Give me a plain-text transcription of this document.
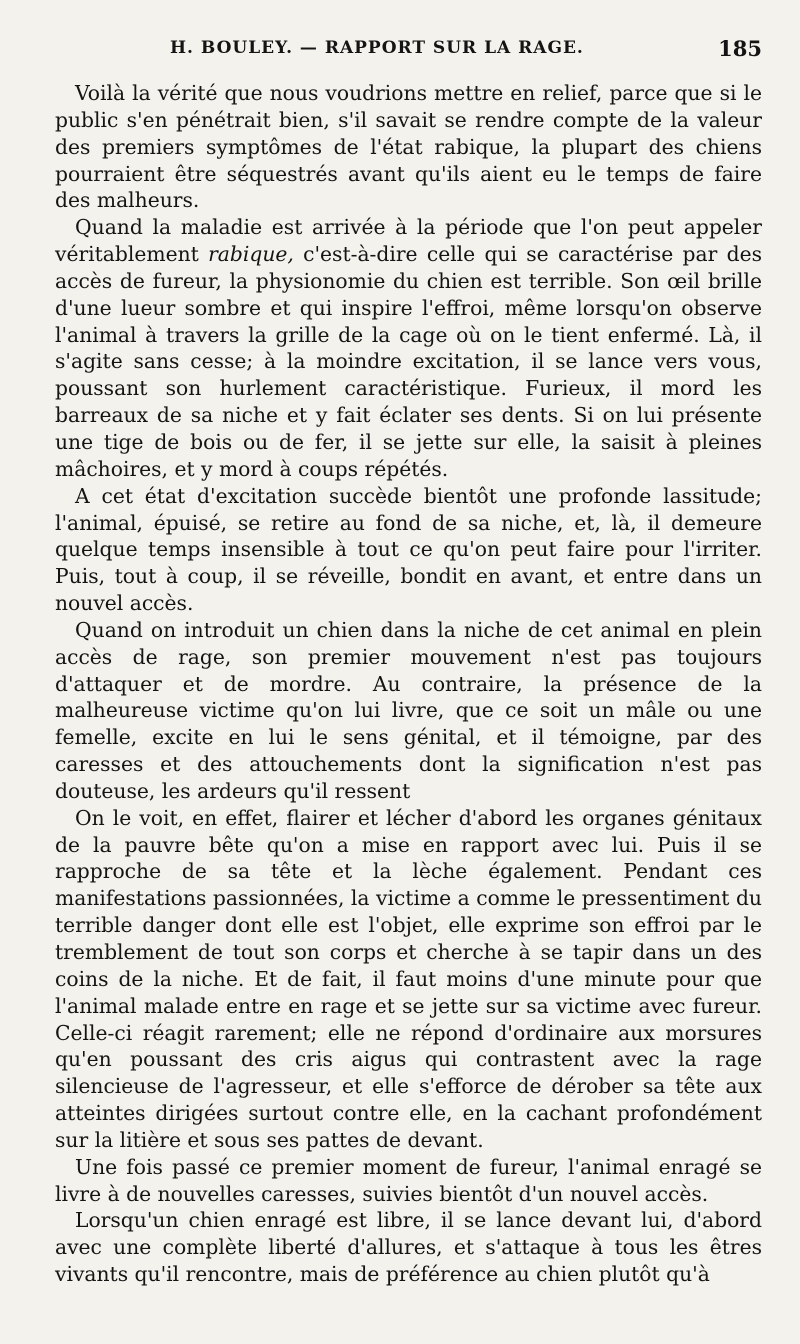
H. BOULEY. — RAPPORT SUR LA RAGE.	185

Voilà la vérité que nous voudrions mettre en relief, parce que si le public s'en pénétrait bien, s'il savait se rendre compte de la valeur des premiers symptômes de l'état rabique, la plupart des chiens pourraient être séquestrés avant qu'ils aient eu le temps de faire des malheurs.

Quand la maladie est arrivée à la période que l'on peut appeler véritablement rabique, c'est-à-dire celle qui se caractérise par des accès de fureur, la physionomie du chien est terrible. Son œil brille d'une lueur sombre et qui inspire l'effroi, même lorsqu'on observe l'animal à travers la grille de la cage où on le tient enfermé. Là, il s'agite sans cesse; à la moindre excitation, il se lance vers vous, poussant son hurlement caractéristique. Furieux, il mord les barreaux de sa niche et y fait éclater ses dents. Si on lui présente une tige de bois ou de fer, il se jette sur elle, la saisit à pleines mâchoires, et y mord à coups répétés.

A cet état d'excitation succède bientôt une profonde lassitude; l'animal, épuisé, se retire au fond de sa niche, et, là, il demeure quelque temps insensible à tout ce qu'on peut faire pour l'irriter. Puis, tout à coup, il se réveille, bondit en avant, et entre dans un nouvel accès.

Quand on introduit un chien dans la niche de cet animal en plein accès de rage, son premier mouvement n'est pas toujours d'attaquer et de mordre. Au contraire, la présence de la malheureuse victime qu'on lui livre, que ce soit un mâle ou une femelle, excite en lui le sens génital, et il témoigne, par des caresses et des attouchements dont la signification n'est pas douteuse, les ardeurs qu'il ressent

On le voit, en effet, flairer et lécher d'abord les organes génitaux de la pauvre bête qu'on a mise en rapport avec lui. Puis il se rapproche de sa tête et la lèche également. Pendant ces manifestations passionnées, la victime a comme le pressentiment du terrible danger dont elle est l'objet, elle exprime son effroi par le tremblement de tout son corps et cherche à se tapir dans un des coins de la niche. Et de fait, il faut moins d'une minute pour que l'animal malade entre en rage et se jette sur sa victime avec fureur. Celle-ci réagit rarement; elle ne répond d'ordinaire aux morsures qu'en poussant des cris aigus qui contrastent avec la rage silencieuse de l'agresseur, et elle s'efforce de dérober sa tête aux atteintes dirigées surtout contre elle, en la cachant profondément sur la litière et sous ses pattes de devant.

Une fois passé ce premier moment de fureur, l'animal enragé se livre à de nouvelles caresses, suivies bientôt d'un nouvel accès.

Lorsqu'un chien enragé est libre, il se lance devant lui, d'abord avec une complète liberté d'allures, et s'attaque à tous les êtres vivants qu'il rencontre, mais de préférence au chien plutôt qu'à
